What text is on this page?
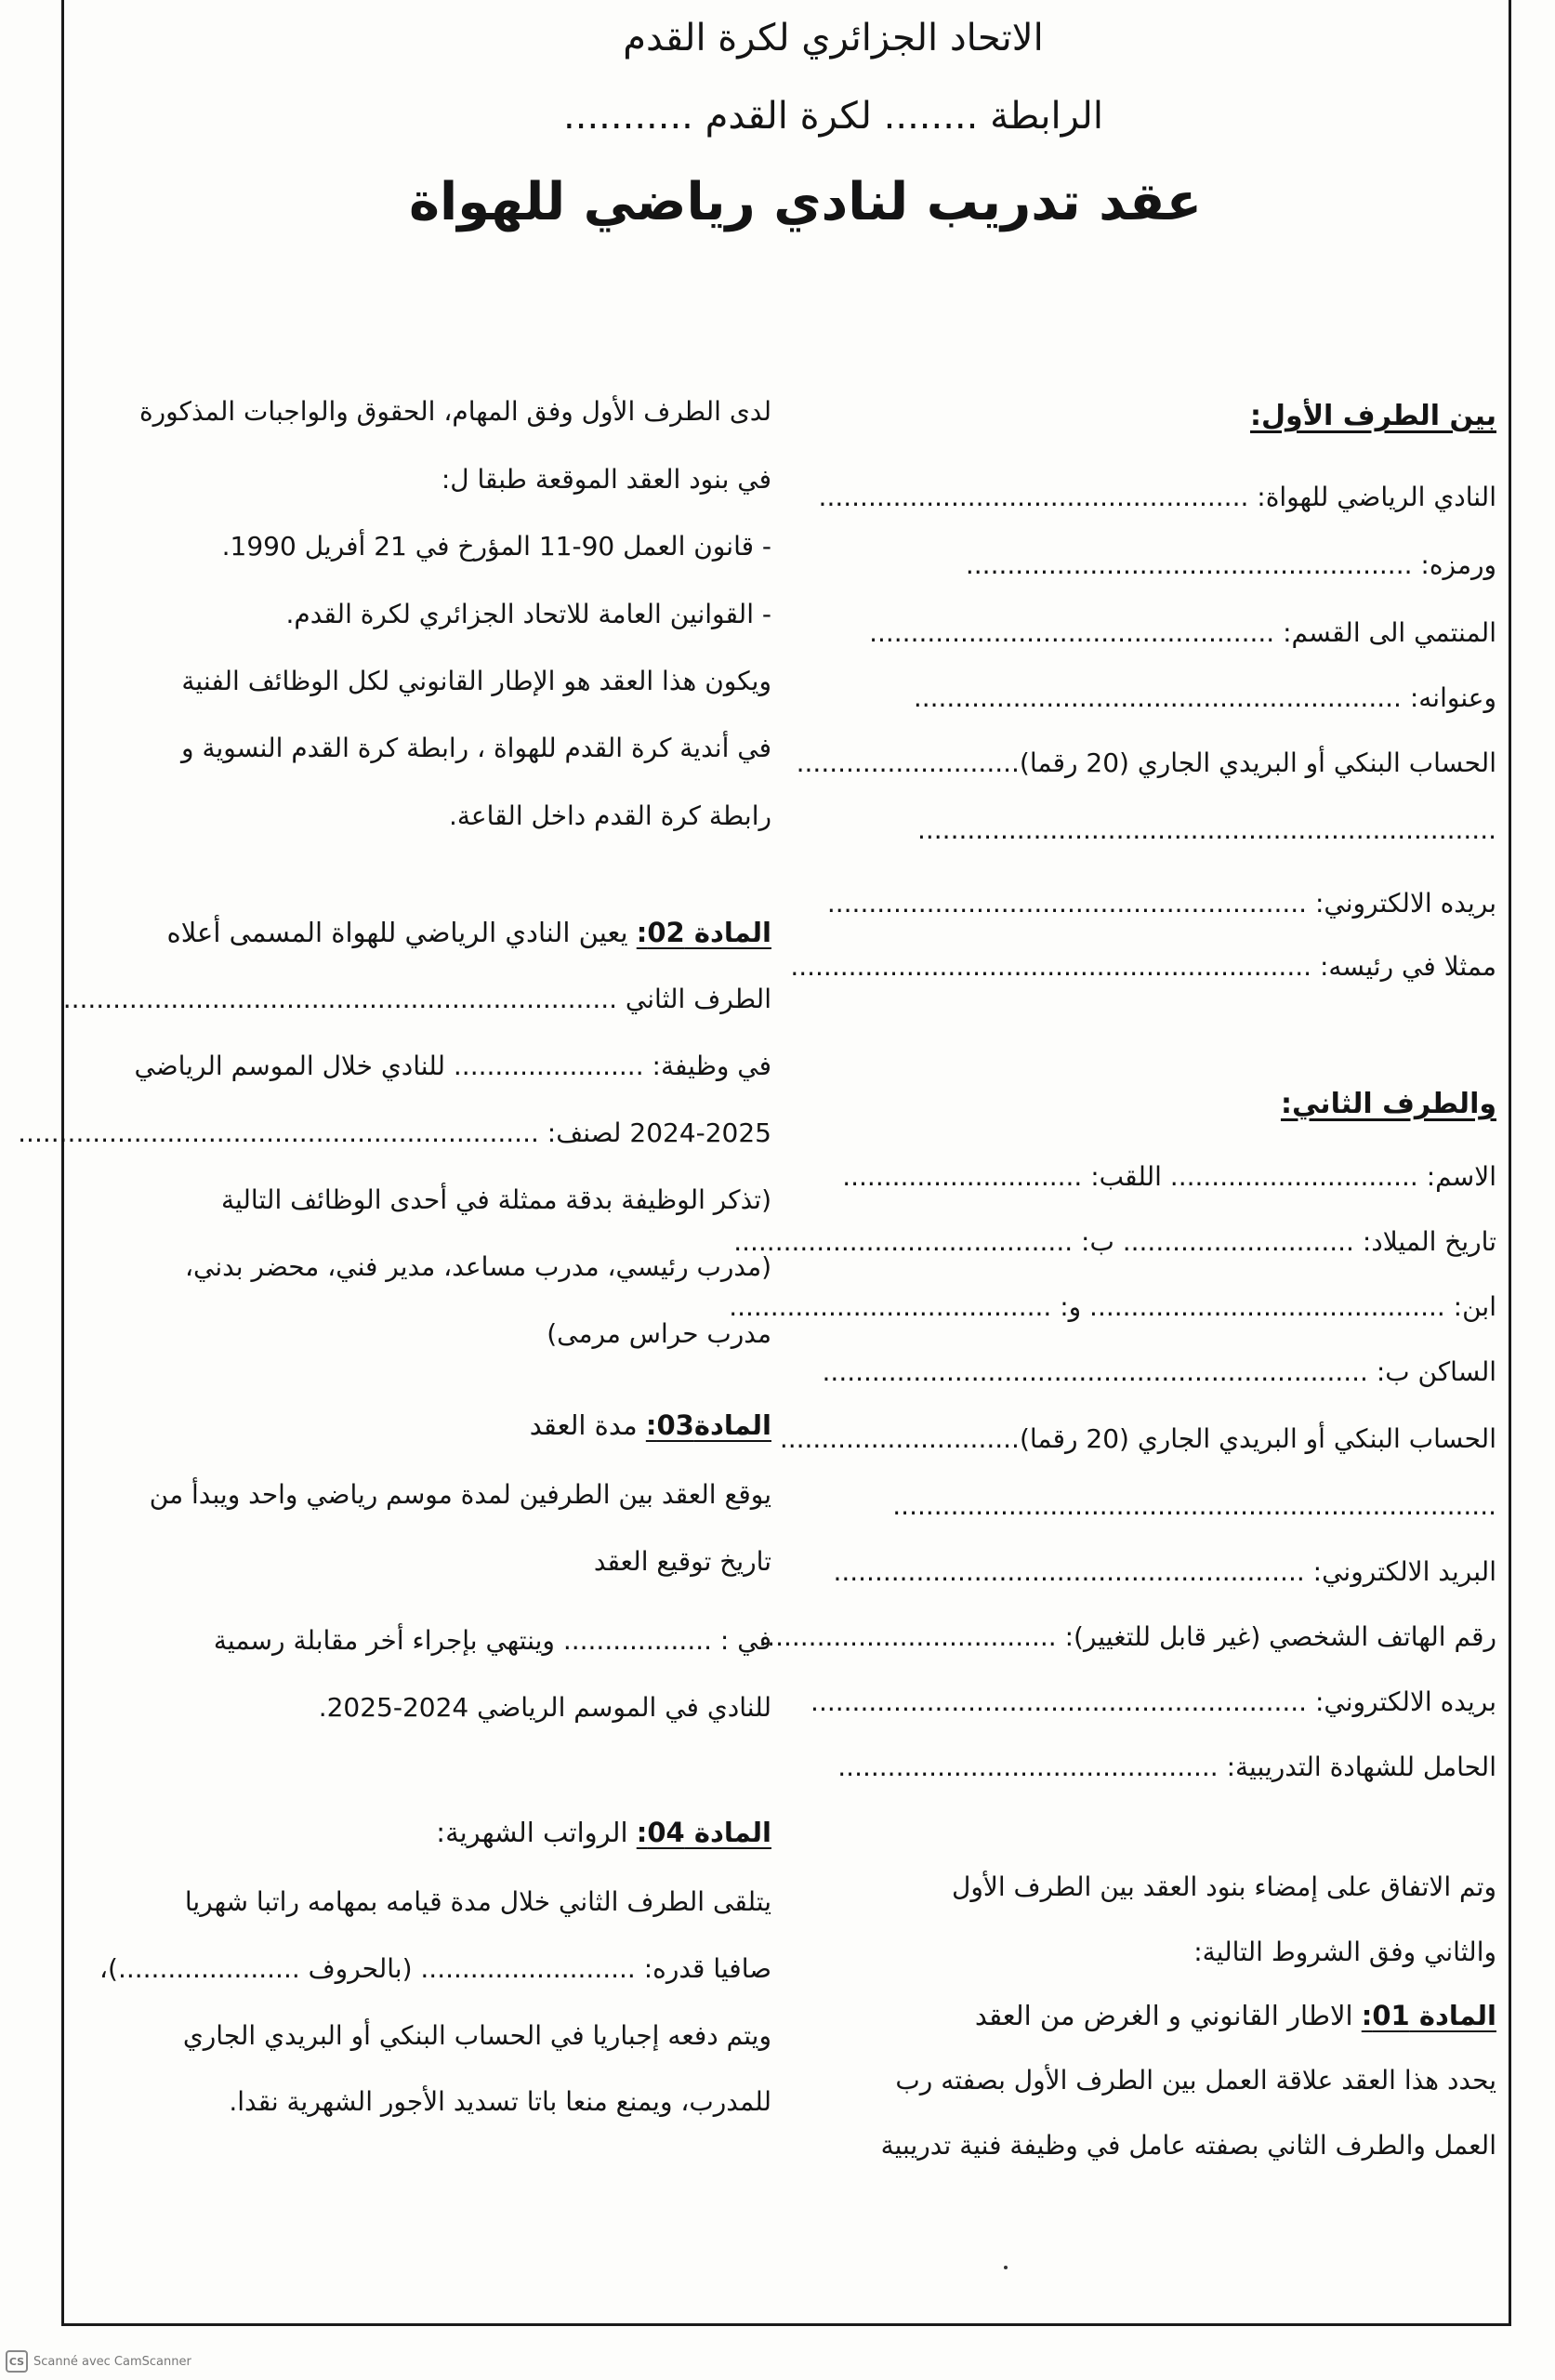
الاتحاد الجزائري لكرة القدم
الرابطة ........ لكرة القدم ...........
عقد تدريب لنادي رياضي للهواة
بين الطرف الأول:
النادي الرياضي للهواة: ....................................................
ورمزه: ......................................................
المنتمي الى القسم: .................................................
وعنوانه: ...........................................................
الحساب البنكي أو البريدي الجاري (20 رقما)...........................
......................................................................
بريده الالكتروني: ..........................................................
ممثلا في رئيسه: ...............................................................
والطرف الثاني:
الاسم: .............................. اللقب: .............................
تاريخ الميلاد: ............................ ب: .........................................
ابن: ........................................... و: .......................................
الساكن ب: ..................................................................
الحساب البنكي أو البريدي الجاري (20 رقما).............................
.........................................................................
البريد الالكتروني: .........................................................
رقم الهاتف الشخصي (غير قابل للتغيير): ....................................
بريده الالكتروني: ............................................................
الحامل للشهادة التدريبية: ..............................................
وتم الاتفاق على إمضاء بنود العقد بين الطرف الأول
والثاني وفق الشروط التالية:
المادة 01: الاطار القانوني و الغرض من العقد
يحدد هذا العقد علاقة العمل بين الطرف الأول بصفته رب
العمل والطرف الثاني بصفته عامل في وظيفة فنية تدريبية
لدى الطرف الأول وفق المهام، الحقوق والواجبات المذكورة
في بنود العقد الموقعة طبقا ل:
- قانون العمل 90-11 المؤرخ في 21 أفريل 1990.
- القوانين العامة للاتحاد الجزائري لكرة القدم.
ويكون هذا العقد هو الإطار القانوني لكل الوظائف الفنية
في أندية كرة القدم للهواة ، رابطة كرة القدم النسوية و
رابطة كرة القدم داخل القاعة.
المادة 02: يعين النادي الرياضي للهواة المسمى أعلاه
الطرف الثاني ...................................................................
في وظيفة: ....................... للنادي خلال الموسم الرياضي
2024-2025 لصنف: ...............................................................
(تذكر الوظيفة بدقة ممثلة في أحدى الوظائف التالية
(مدرب رئيسي، مدرب مساعد، مدير فني، محضر بدني،
مدرب حراس مرمى)
المادة03: مدة العقد
يوقع العقد بين الطرفين لمدة موسم رياضي واحد ويبدأ من
تاريخ توقيع العقد
في : .................. وينتهي بإجراء أخر مقابلة رسمية
للنادي في الموسم الرياضي 2024-2025.
المادة 04: الرواتب الشهرية:
يتلقى الطرف الثاني خلال مدة قيامه بمهامه راتبا شهريا
صافيا قدره: .......................... (بالحروف ......................)،
ويتم دفعه إجباريا في الحساب البنكي أو البريدي الجاري
للمدرب، ويمنع منعا باتا تسديد الأجور الشهرية نقدا.
CS Scanné avec CamScanner
